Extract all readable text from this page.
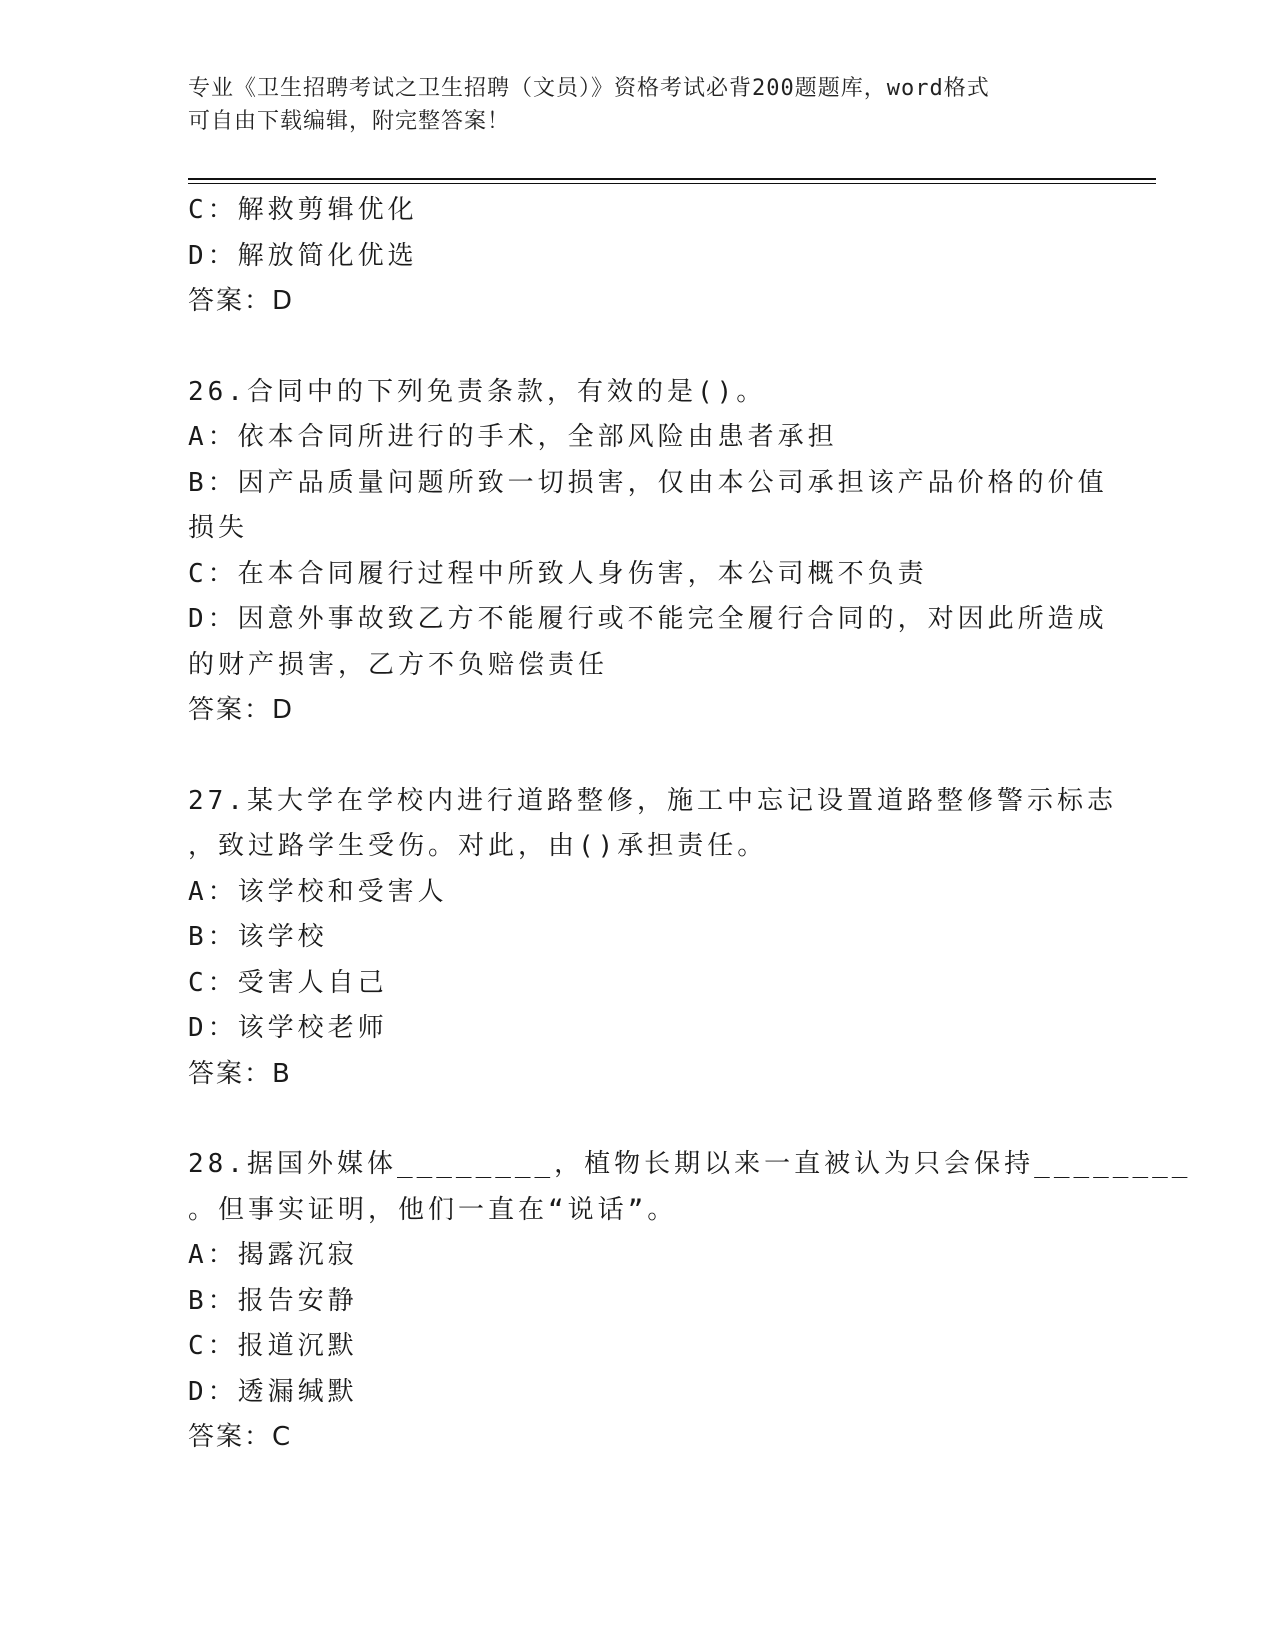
专业《卫生招聘考试之卫生招聘（文员）》资格考试必背200题题库，word格式
可自由下载编辑，附完整答案！
C：解救剪辑优化
D：解放简化优选
答案：D
26.合同中的下列免责条款，有效的是()。
A：依本合同所进行的手术，全部风险由患者承担
B：因产品质量问题所致一切损害，仅由本公司承担该产品价格的价值
损失
C：在本合同履行过程中所致人身伤害，本公司概不负责
D：因意外事故致乙方不能履行或不能完全履行合同的，对因此所造成
的财产损害，乙方不负赔偿责任
答案：D
27.某大学在学校内进行道路整修，施工中忘记设置道路整修警示标志
，致过路学生受伤。对此，由()承担责任。
A：该学校和受害人
B：该学校
C：受害人自己
D：该学校老师
答案：B
28.据国外媒体________，植物长期以来一直被认为只会保持________
。但事实证明，他们一直在“说话”。
A：揭露沉寂
B：报告安静
C：报道沉默
D：透漏缄默
答案：C
